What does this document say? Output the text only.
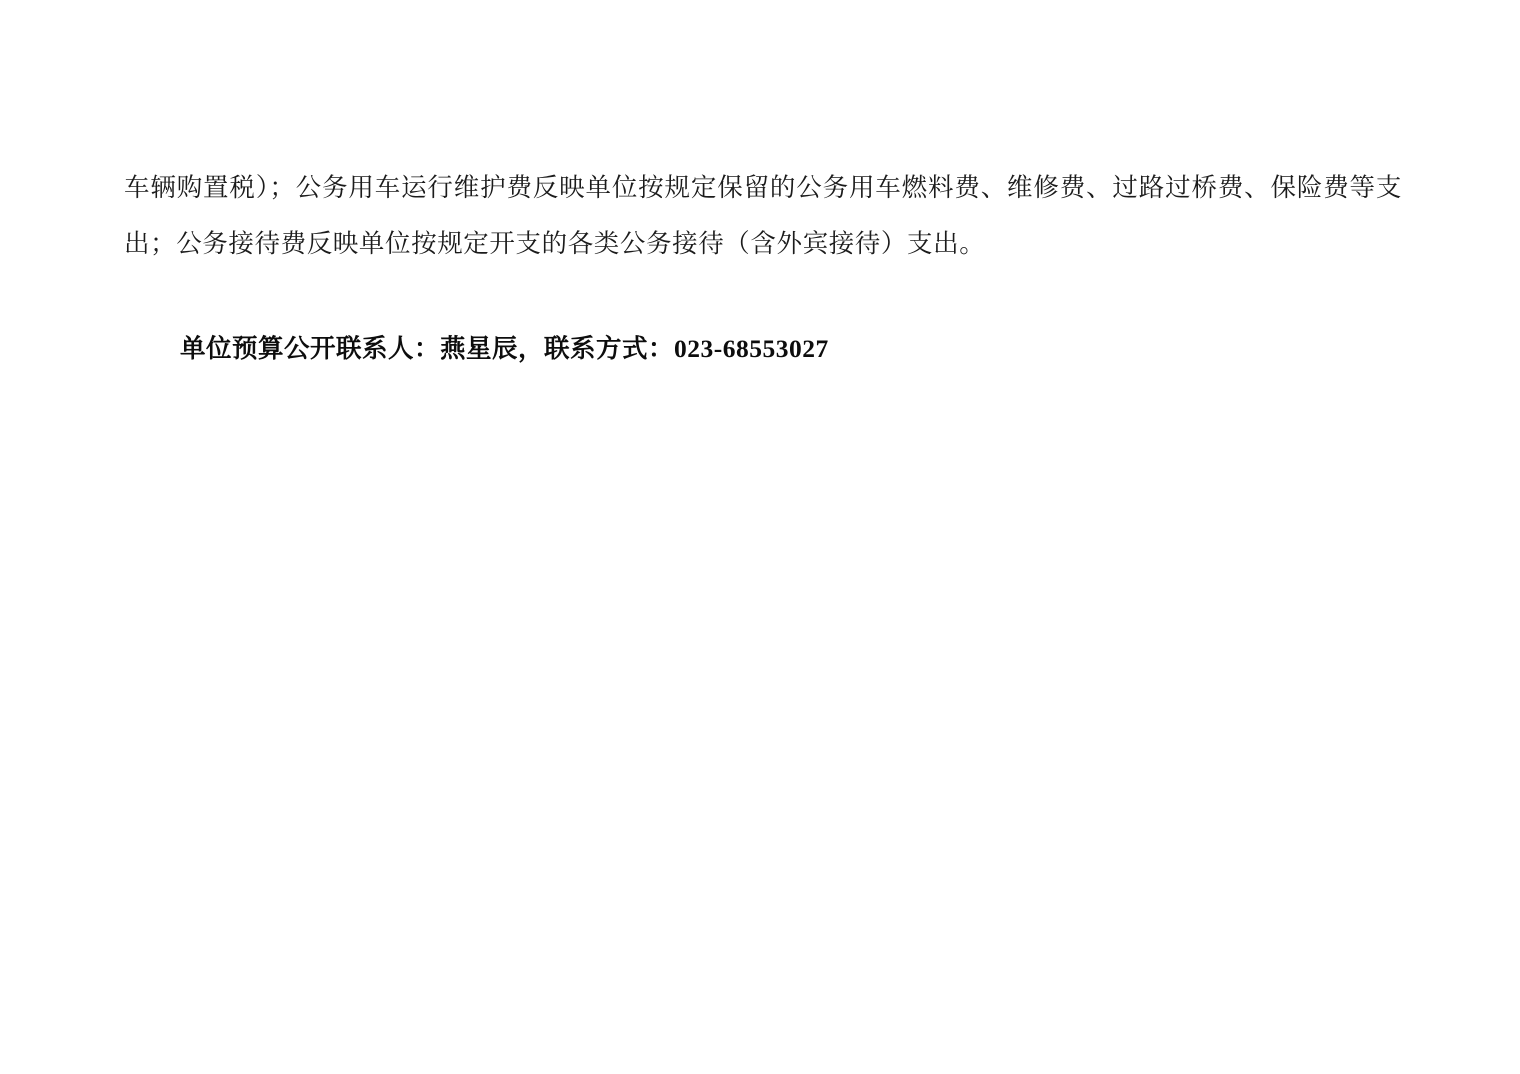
车辆购置税）；公务用车运行维护费反映单位按规定保留的公务用车燃料费、维修费、过路过桥费、保险费等支出；公务接待费反映单位按规定开支的各类公务接待（含外宾接待）支出。

单位预算公开联系人：燕星辰，联系方式：023-68553027
